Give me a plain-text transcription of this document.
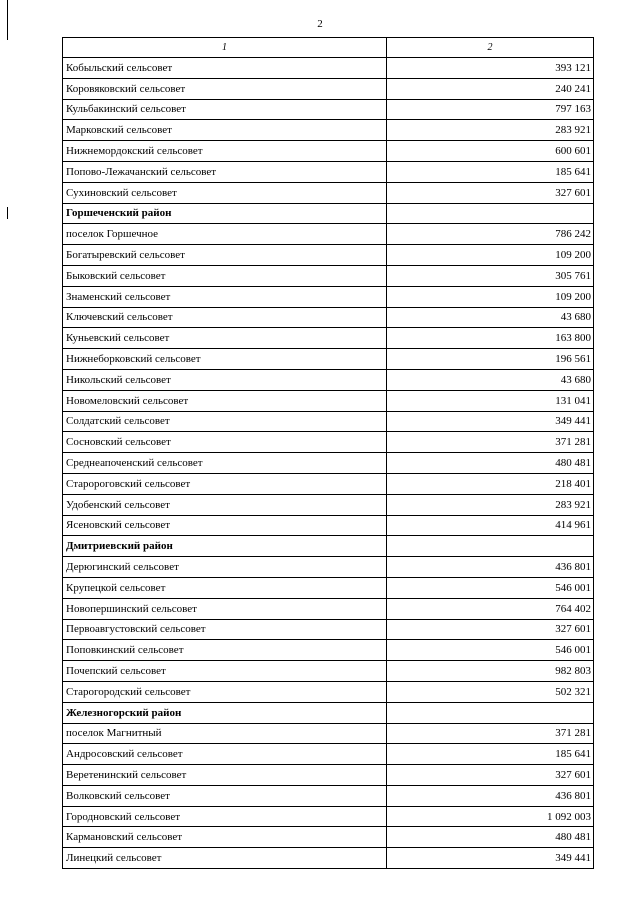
2
1	2
Кобыльский сельсовет	393 121
Коровяковский сельсовет	240 241
Кульбакинский сельсовет	797 163
Марковский сельсовет	283 921
Нижнемордокский сельсовет	600 601
Попово-Лежачанский сельсовет	185 641
Сухиновский сельсовет	327 601
Горшеченский район	
поселок Горшечное	786 242
Богатыревский сельсовет	109 200
Быковский сельсовет	305 761
Знаменский сельсовет	109 200
Ключевский сельсовет	43 680
Куньевский сельсовет	163 800
Нижнеборковский сельсовет	196 561
Никольский сельсовет	43 680
Новомеловский сельсовет	131 041
Солдатский сельсовет	349 441
Сосновский сельсовет	371 281
Среднеапоченский сельсовет	480 481
Старороговский сельсовет	218 401
Удобенский сельсовет	283 921
Ясеновский сельсовет	414 961
Дмитриевский район	
Дерюгинский сельсовет	436 801
Крупецкой сельсовет	546 001
Новопершинский сельсовет	764 402
Первоавгустовский сельсовет	327 601
Поповкинский сельсовет	546 001
Почепский сельсовет	982 803
Старогородский сельсовет	502 321
Железногорский район	
поселок Магнитный	371 281
Андросовский сельсовет	185 641
Веретенинский сельсовет	327 601
Волковский сельсовет	436 801
Городновский сельсовет	1 092 003
Кармановский сельсовет	480 481
Линецкий сельсовет	349 441
